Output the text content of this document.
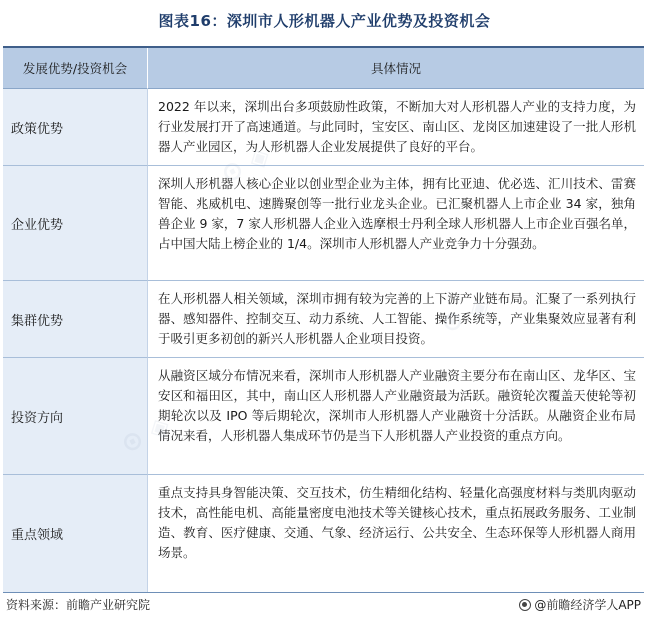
图表16：深圳市人形机器人产业优势及投资机会
发展优势/投资机会	具体情况
政策优势
2022 年以来，深圳出台多项鼓励性政策，不断加大对人形机器人产业的支持力度，为行业发展打开了高速通道。与此同时，宝安区、南山区、龙岗区加速建设了一批人形机器人产业园区，为人形机器人企业发展提供了良好的平台。
企业优势
深圳人形机器人核心企业以创业型企业为主体，拥有比亚迪、优必选、汇川技术、雷赛智能、兆威机电、速腾聚创等一批行业龙头企业。已汇聚机器人上市企业 34 家，独角兽企业 9 家，7 家人形机器人企业入选摩根士丹利全球人形机器人上市企业百强名单，占中国大陆上榜企业的 1/4。深圳市人形机器人产业竞争力十分强劲。
集群优势
在人形机器人相关领域，深圳市拥有较为完善的上下游产业链布局。汇聚了一系列执行器、感知器件、控制交互、动力系统、人工智能、操作系统等，产业集聚效应显著有利于吸引更多初创的新兴人形机器人企业项目投资。
投资方向
从融资区域分布情况来看，深圳市人形机器人产业融资主要分布在南山区、龙华区、宝安区和福田区，其中，南山区人形机器人产业融资最为活跃。融资轮次覆盖天使轮等初期轮次以及 IPO 等后期轮次，深圳市人形机器人产业融资十分活跃。从融资企业布局情况来看，人形机器人集成环节仍是当下人形机器人产业投资的重点方向。
重点领域
重点支持具身智能决策、交互技术，仿生精细化结构、轻量化高强度材料与类肌肉驱动技术，高性能电机、高能量密度电池技术等关键核心技术，重点拓展政务服务、工业制造、教育、医疗健康、交通、气象、经济运行、公共安全、生态环保等人形机器人商用场景。
资料来源：前瞻产业研究院	@前瞻经济学人APP
